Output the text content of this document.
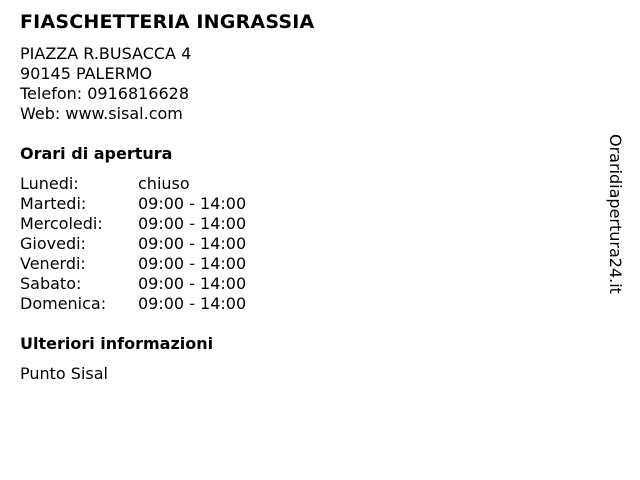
FIASCHETTERIA INGRASSIA
PIAZZA R.BUSACCA 4
90145 PALERMO
Telefon: 0916816628
Web: www.sisal.com
Orari di apertura
Lunedi:	chiuso
Martedi:	09:00 - 14:00
Mercoledi:	09:00 - 14:00
Giovedi:	09:00 - 14:00
Venerdi:	09:00 - 14:00
Sabato:	09:00 - 14:00
Domenica:	09:00 - 14:00
Ulteriori informazioni
Punto Sisal
Oraridiapertura24.it
